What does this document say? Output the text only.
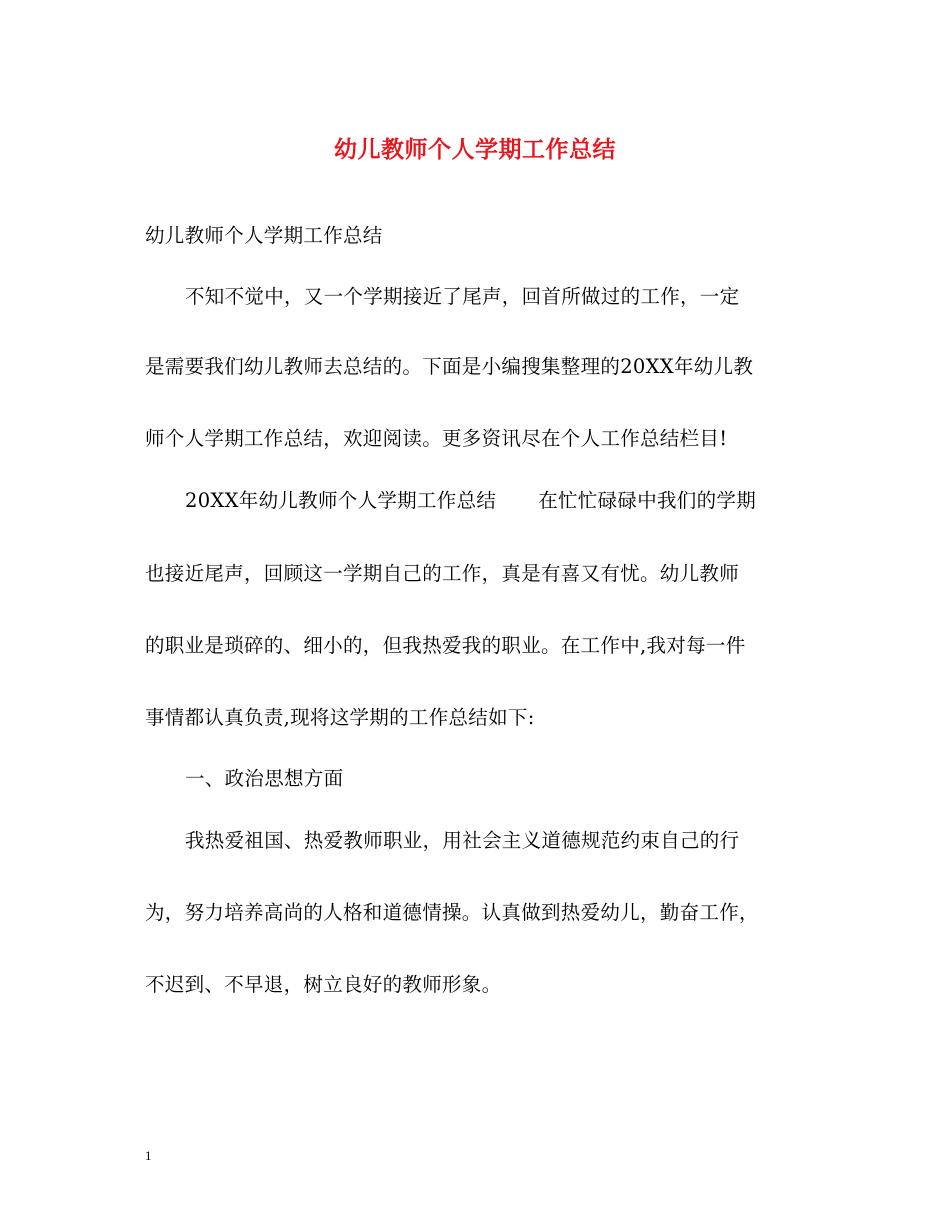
幼儿教师个人学期工作总结
幼儿教师个人学期工作总结
不知不觉中，又一个学期接近了尾声，回首所做过的工作，一定
是需要我们幼儿教师去总结的。下面是小编搜集整理的20XX年幼儿教
师个人学期工作总结，欢迎阅读。更多资讯尽在个人工作总结栏目!
20XX年幼儿教师个人学期工作总结 在忙忙碌碌中我们的学期
也接近尾声，回顾这一学期自己的工作，真是有喜又有忧。幼儿教师
的职业是琐碎的、细小的，但我热爱我的职业。在工作中,我对每一件
事情都认真负责,现将这学期的工作总结如下:
一、政治思想方面
我热爱祖国、热爱教师职业，用社会主义道德规范约束自己的行
为，努力培养高尚的人格和道德情操。认真做到热爱幼儿，勤奋工作，
不迟到、不早退，树立良好的教师形象。
1
